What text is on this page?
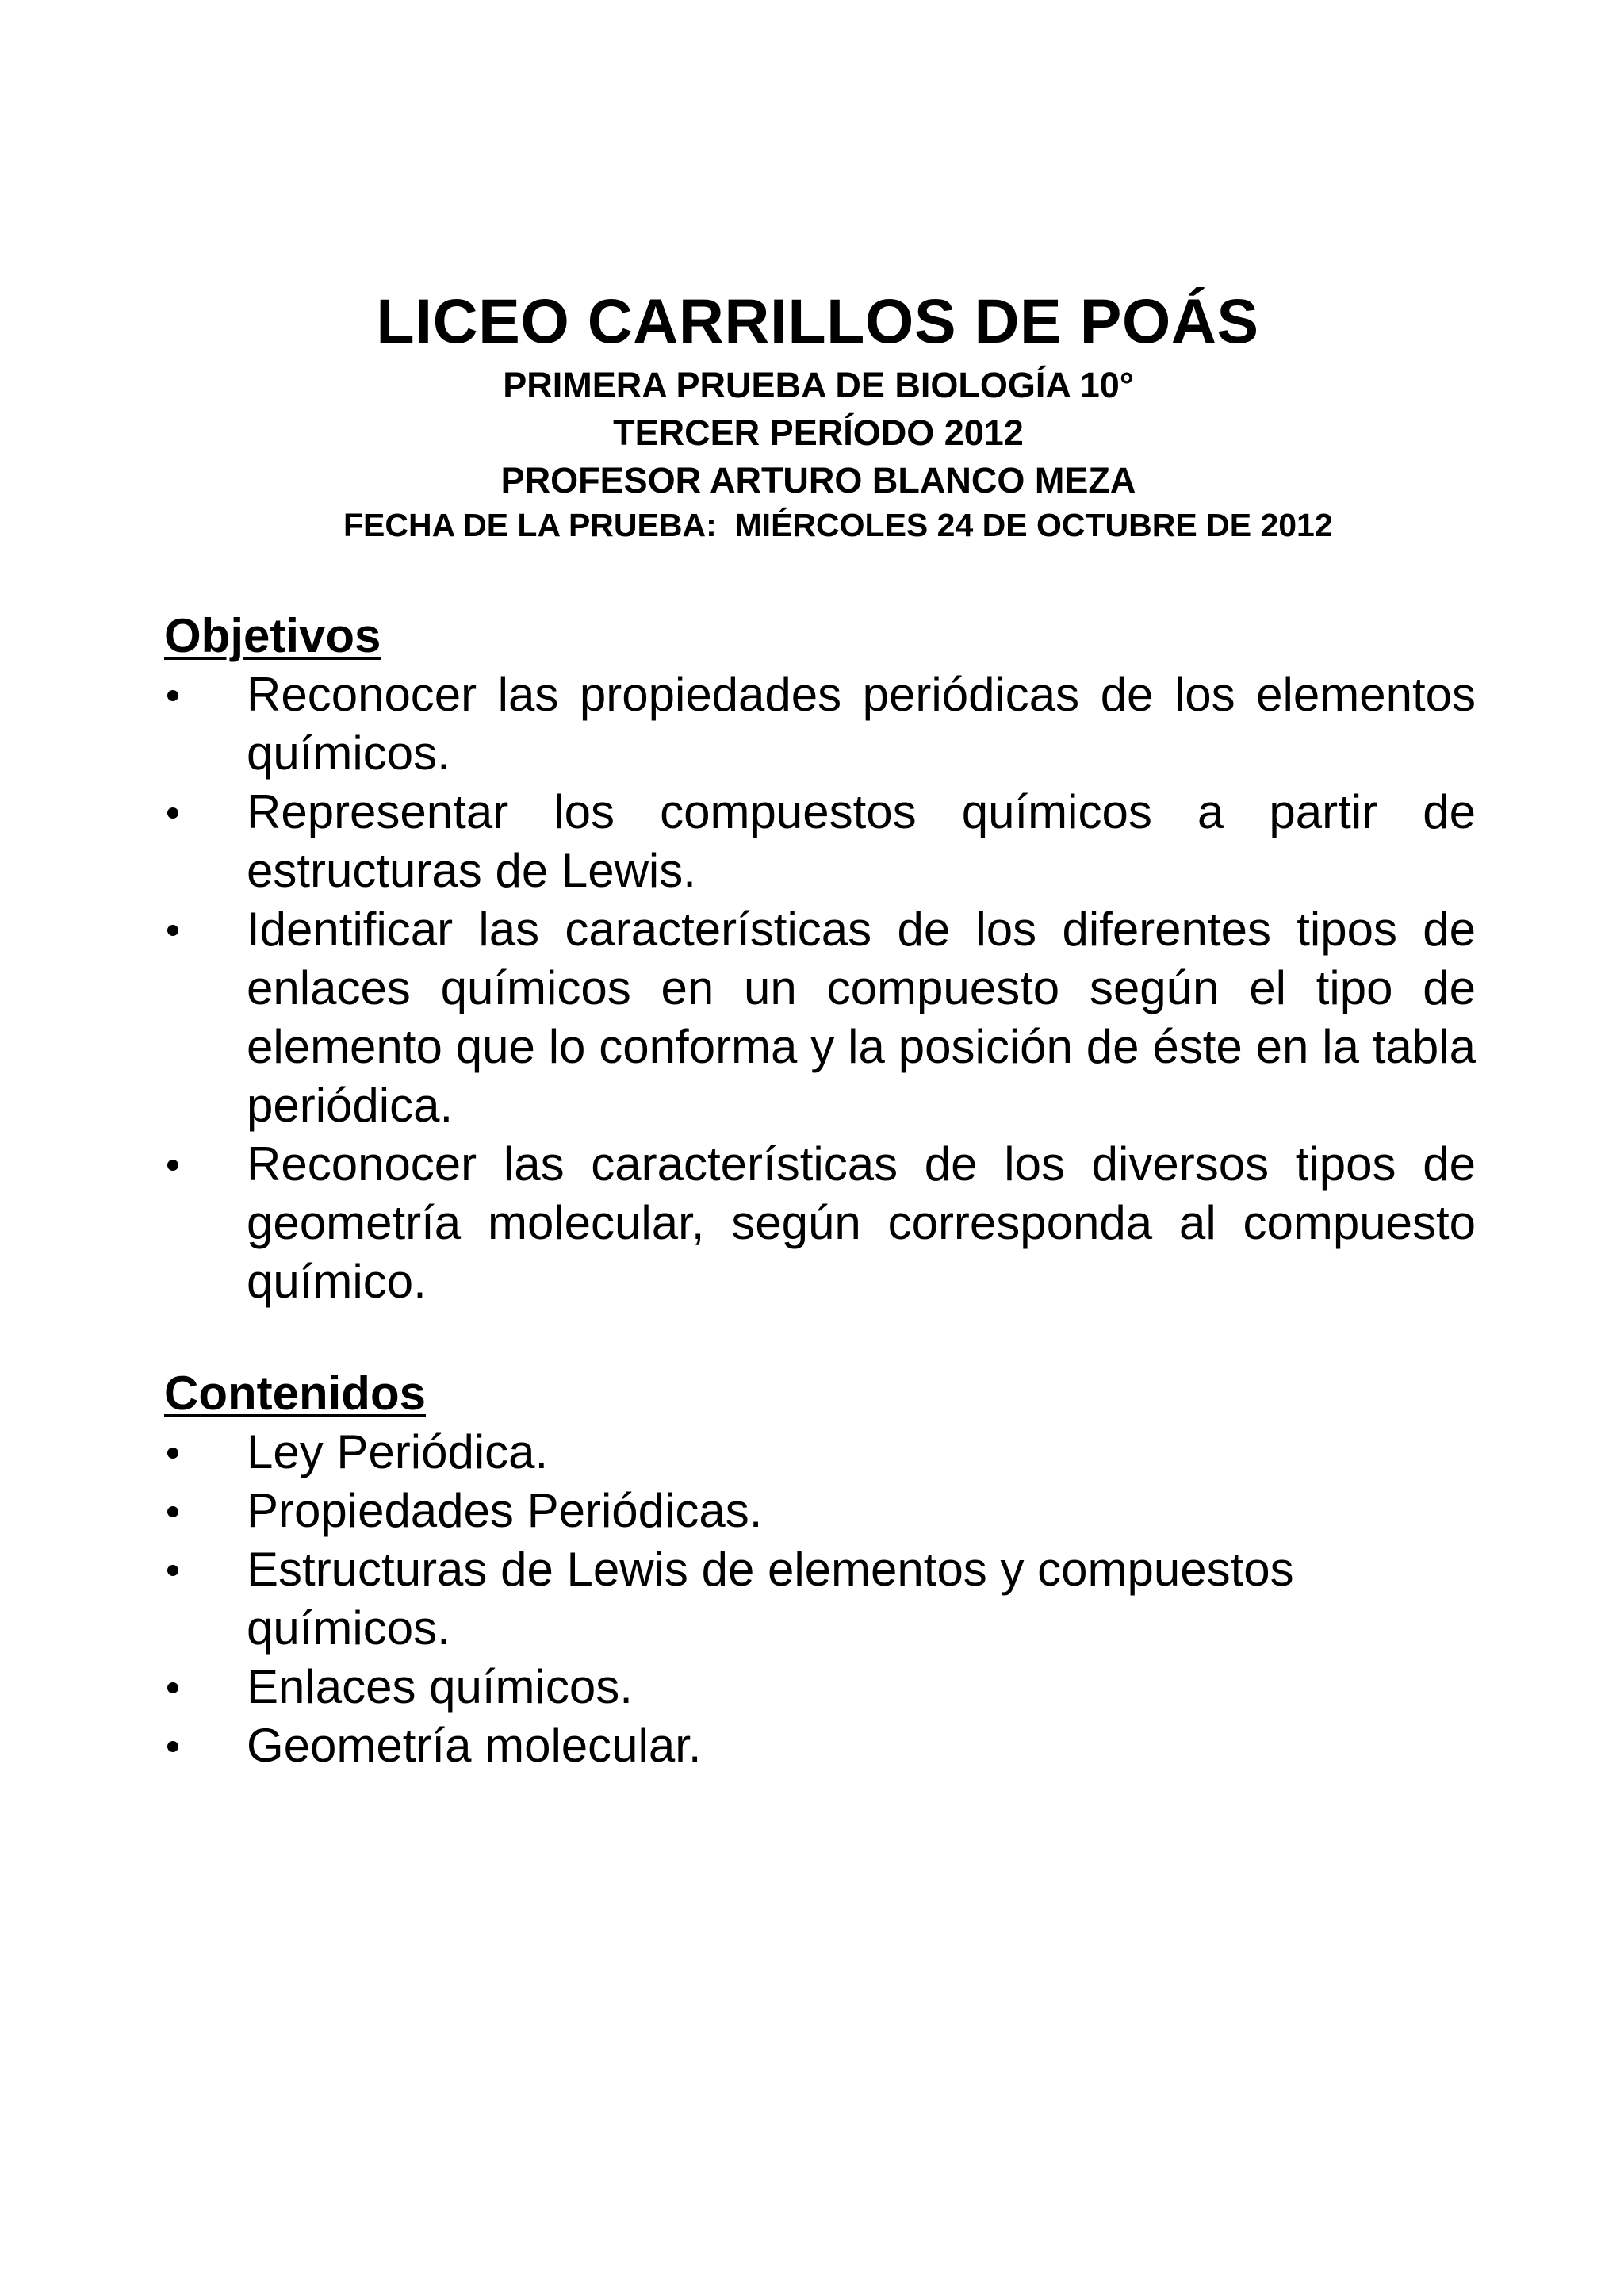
LICEO CARRILLOS DE POÁS

PRIMERA PRUEBA DE BIOLOGÍA 10°

TERCER PERÍODO 2012

PROFESOR ARTURO BLANCO MEZA

FECHA DE LA PRUEBA:  MIÉRCOLES 24 DE OCTUBRE DE 2012

Objetivos
Reconocer las propiedades periódicas de los elementos químicos.
Representar los compuestos químicos a partir de estructuras de Lewis.
Identificar las características de los diferentes tipos de enlaces químicos en un compuesto según el tipo de elemento que lo conforma y la posición de éste en la tabla periódica.
Reconocer las características de los diversos tipos de geometría molecular, según corresponda al compuesto químico.
Contenidos
Ley Periódica.
Propiedades Periódicas.
Estructuras de Lewis de elementos y compuestos químicos.
Enlaces químicos.
Geometría molecular.
